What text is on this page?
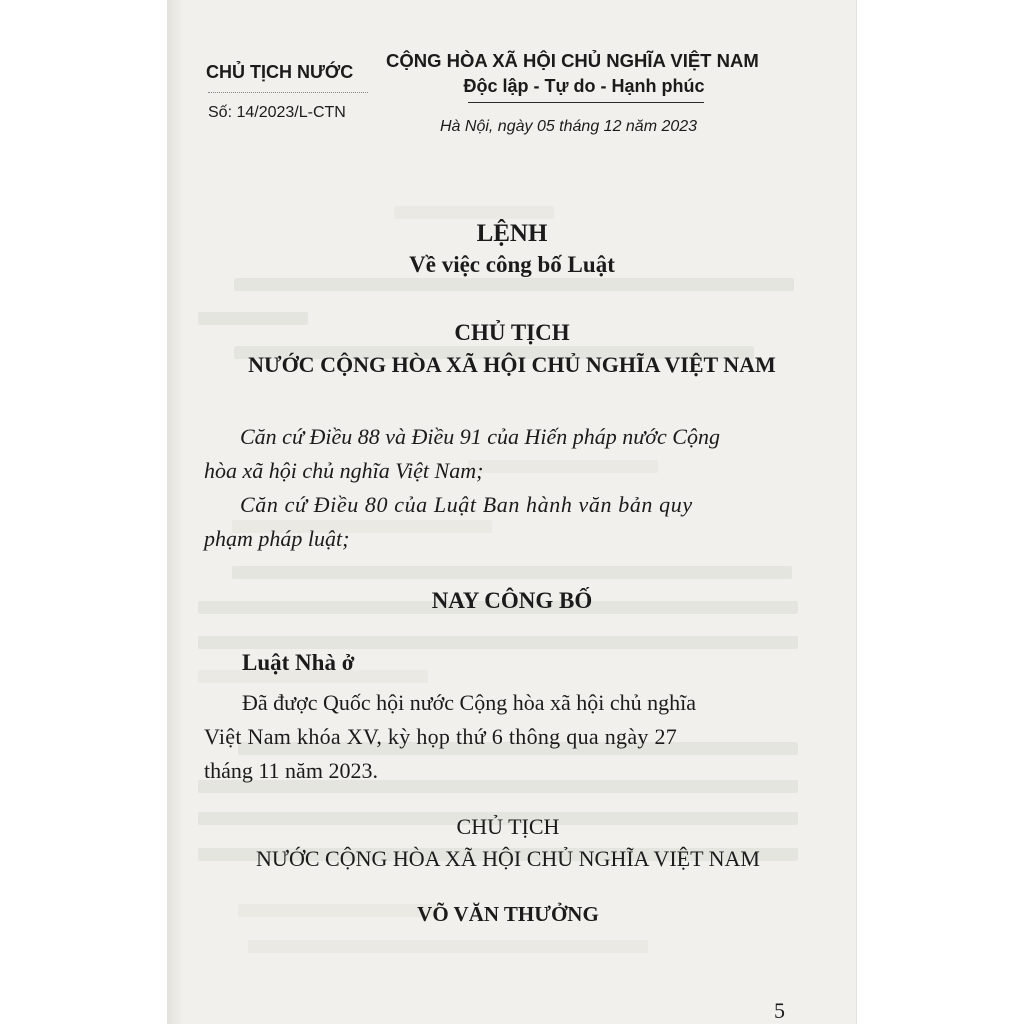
CHỦ TỊCH NƯỚC
Số: 14/2023/L-CTN
CỘNG HÒA XÃ HỘI CHỦ NGHĨA VIỆT NAM
Độc lập - Tự do - Hạnh phúc
Hà Nội, ngày 05 tháng 12 năm 2023
LỆNH
Về việc công bố Luật
CHỦ TỊCH
NƯỚC CỘNG HÒA XÃ HỘI CHỦ NGHĨA VIỆT NAM
Căn cứ Điều 88 và Điều 91 của Hiến pháp nước Cộng
hòa xã hội chủ nghĩa Việt Nam;
Căn cứ Điều 80 của Luật Ban hành văn bản quy
phạm pháp luật;
NAY CÔNG BỐ
Luật Nhà ở
Đã được Quốc hội nước Cộng hòa xã hội chủ nghĩa
Việt Nam khóa XV, kỳ họp thứ 6 thông qua ngày 27
tháng 11 năm 2023.
CHỦ TỊCH
NƯỚC CỘNG HÒA XÃ HỘI CHỦ NGHĨA VIỆT NAM
VÕ VĂN THƯỞNG
5
